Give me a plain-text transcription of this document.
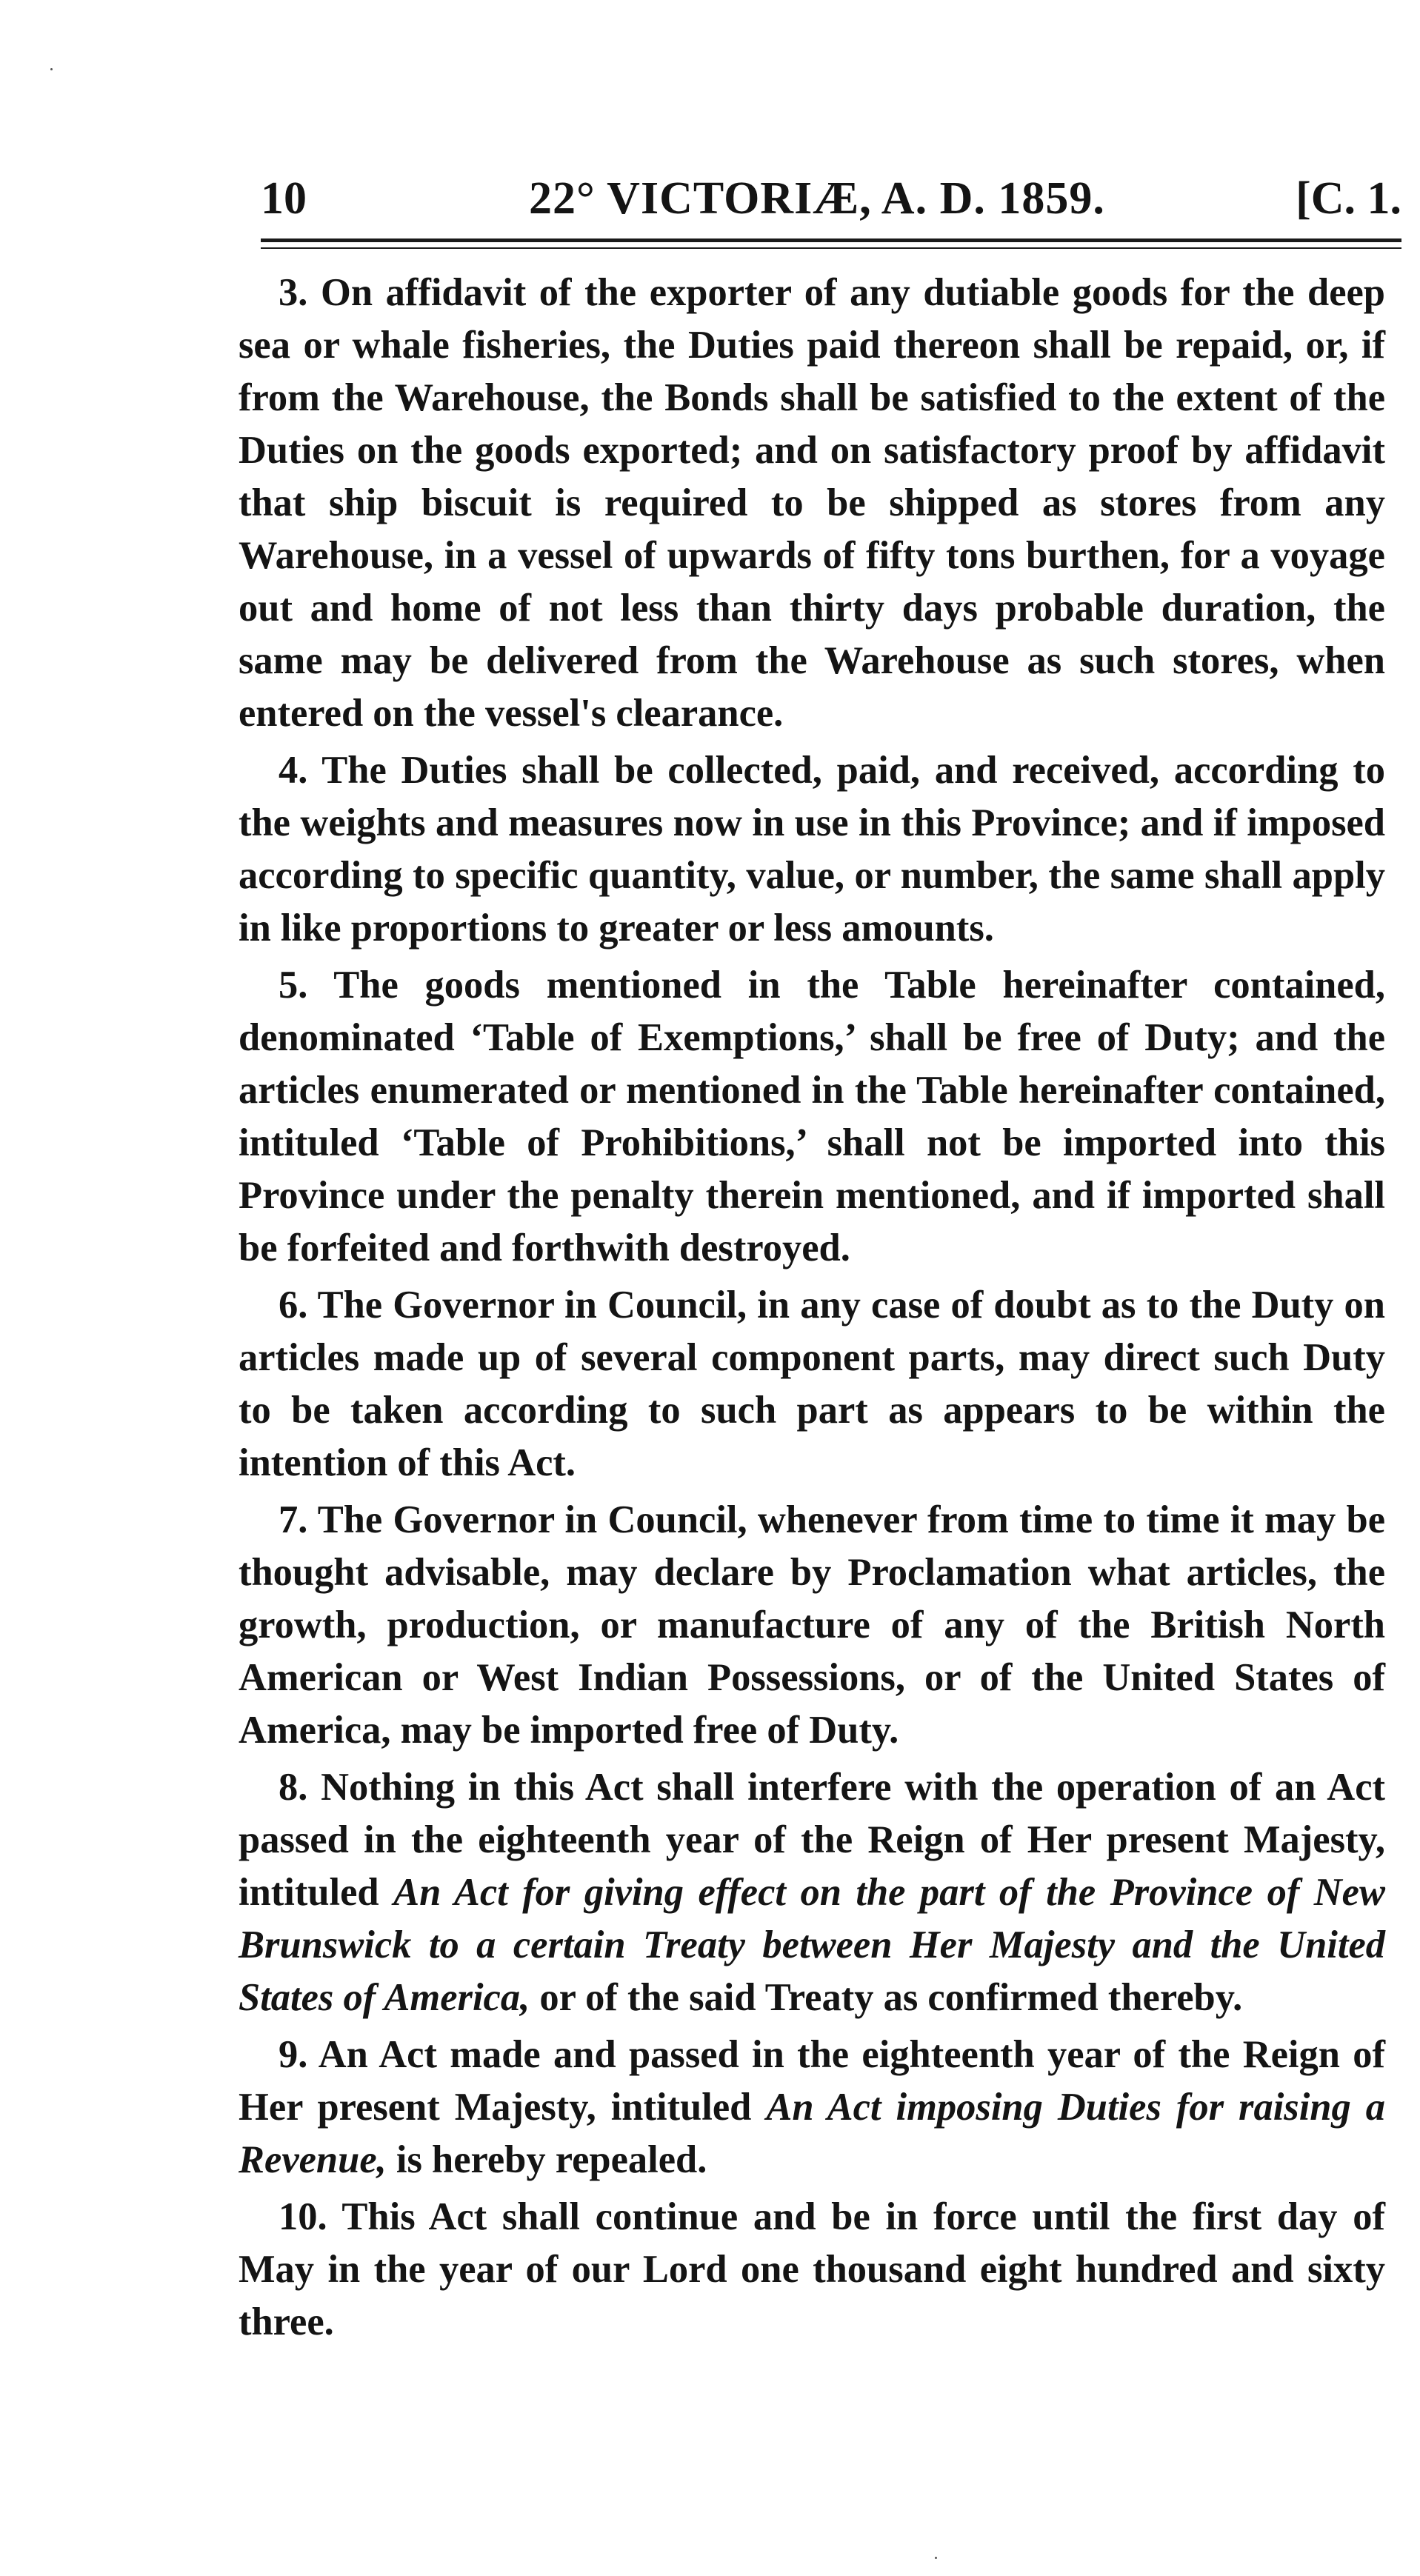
10	22° VICTORIÆ, A. D. 1859.	[C. 1.

3. On affidavit of the exporter of any dutiable goods for the deep sea or whale fisheries, the Duties paid thereon shall be repaid, or, if from the Warehouse, the Bonds shall be satisfied to the extent of the Duties on the goods exported; and on satisfactory proof by affidavit that ship biscuit is required to be shipped as stores from any Warehouse, in a vessel of upwards of fifty tons burthen, for a voyage out and home of not less than thirty days probable duration, the same may be delivered from the Warehouse as such stores, when entered on the vessel's clearance.

4. The Duties shall be collected, paid, and received, according to the weights and measures now in use in this Province; and if imposed according to specific quantity, value, or number, the same shall apply in like proportions to greater or less amounts.

5. The goods mentioned in the Table hereinafter contained, denominated ‘Table of Exemptions,’ shall be free of Duty; and the articles enumerated or mentioned in the Table hereinafter contained, intituled ‘Table of Prohibitions,’ shall not be imported into this Province under the penalty therein mentioned, and if imported shall be forfeited and forthwith destroyed.

6. The Governor in Council, in any case of doubt as to the Duty on articles made up of several component parts, may direct such Duty to be taken according to such part as appears to be within the intention of this Act.

7. The Governor in Council, whenever from time to time it may be thought advisable, may declare by Proclamation what articles, the growth, production, or manufacture of any of the British North American or West Indian Possessions, or of the United States of America, may be imported free of Duty.

8. Nothing in this Act shall interfere with the operation of an Act passed in the eighteenth year of the Reign of Her present Majesty, intituled An Act for giving effect on the part of the Province of New Brunswick to a certain Treaty between Her Majesty and the United States of America, or of the said Treaty as confirmed thereby.

9. An Act made and passed in the eighteenth year of the Reign of Her present Majesty, intituled An Act imposing Duties for raising a Revenue, is hereby repealed.

10. This Act shall continue and be in force until the first day of May in the year of our Lord one thousand eight hundred and sixty three.
